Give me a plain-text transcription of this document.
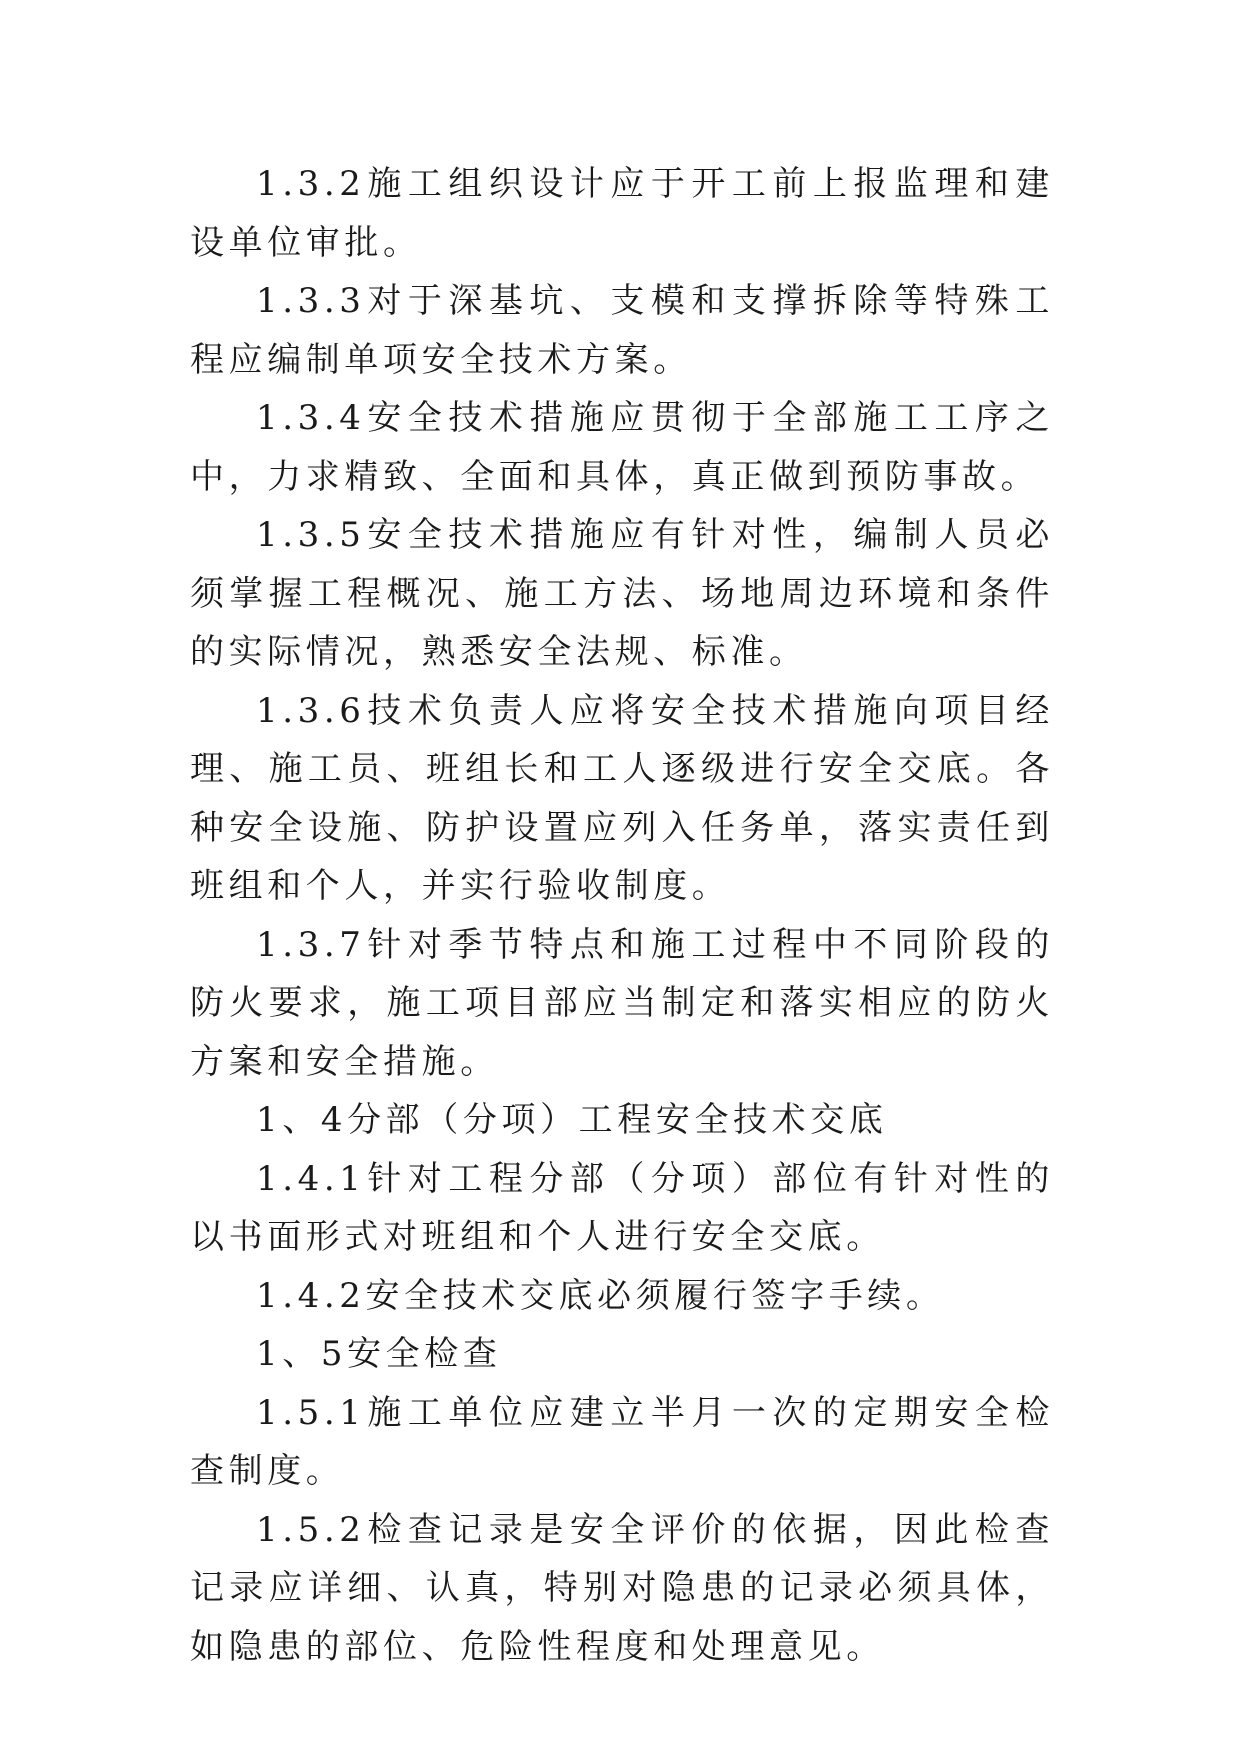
1.3.2施工组织设计应于开工前上报监理和建设单位审批。

1.3.3对于深基坑、支模和支撑拆除等特殊工程应编制单项安全技术方案。

1.3.4安全技术措施应贯彻于全部施工工序之中，力求精致、全面和具体，真正做到预防事故。

1.3.5安全技术措施应有针对性，编制人员必须掌握工程概况、施工方法、场地周边环境和条件的实际情况，熟悉安全法规、标准。

1.3.6技术负责人应将安全技术措施向项目经理、施工员、班组长和工人逐级进行安全交底。各种安全设施、防护设置应列入任务单，落实责任到班组和个人，并实行验收制度。

1.3.7针对季节特点和施工过程中不同阶段的防火要求，施工项目部应当制定和落实相应的防火方案和安全措施。

1、4分部（分项）工程安全技术交底

1.4.1针对工程分部（分项）部位有针对性的以书面形式对班组和个人进行安全交底。

1.4.2安全技术交底必须履行签字手续。

1、5安全检查

1.5.1施工单位应建立半月一次的定期安全检查制度。

1.5.2检查记录是安全评价的依据，因此检查记录应详细、认真，特别对隐患的记录必须具体，如隐患的部位、危险性程度和处理意见。
